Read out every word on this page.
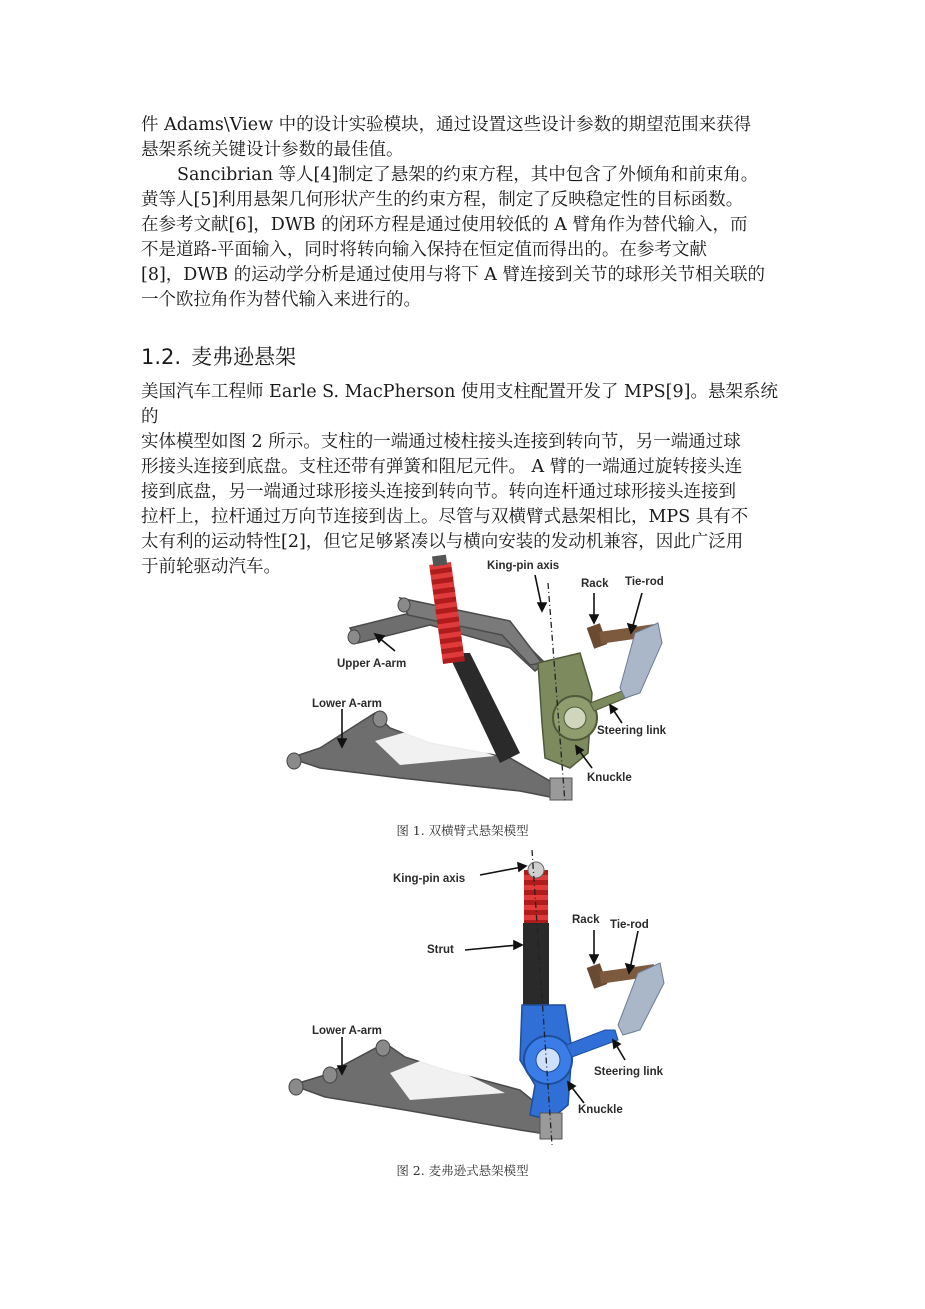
件 Adams\View 中的设计实验模块，通过设置这些设计参数的期望范围来获得

悬架系统关键设计参数的最佳值。

Sancibrian 等人[4]制定了悬架的约束方程，其中包含了外倾角和前束角。

黄等人[5]利用悬架几何形状产生的约束方程，制定了反映稳定性的目标函数。

在参考文献[6]，DWB 的闭环方程是通过使用较低的 A 臂角作为替代输入，而

不是道路-平面输入，同时将转向输入保持在恒定值而得出的。在参考文献

[8]，DWB 的运动学分析是通过使用与将下 A 臂连接到关节的球形关节相关联的

一个欧拉角作为替代输入来进行的。

1.2. 麦弗逊悬架

美国汽车工程师 Earle S. MacPherson 使用支柱配置开发了 MPS[9]。悬架系统的

实体模型如图 2 所示。支柱的一端通过棱柱接头连接到转向节，另一端通过球

形接头连接到底盘。支柱还带有弹簧和阻尼元件。 A 臂的一端通过旋转接头连

接到底盘，另一端通过球形接头连接到转向节。转向连杆通过球形接头连接到

拉杆上，拉杆通过万向节连接到齿上。尽管与双横臂式悬架相比，MPS 具有不

太有利的运动特性[2]，但它足够紧凑以与横向安装的发动机兼容，因此广泛用

于前轮驱动汽车。	King-pin axis
Rack Tie-rod
Upper A-arm
Lower A-arm
Steering link
Knuckle
图 1. 双横臂式悬架模型
King-pin axis
Strut
Rack Tie-rod
Lower A-arm
Steering link
Knuckle
图 2. 麦弗逊式悬架模型
